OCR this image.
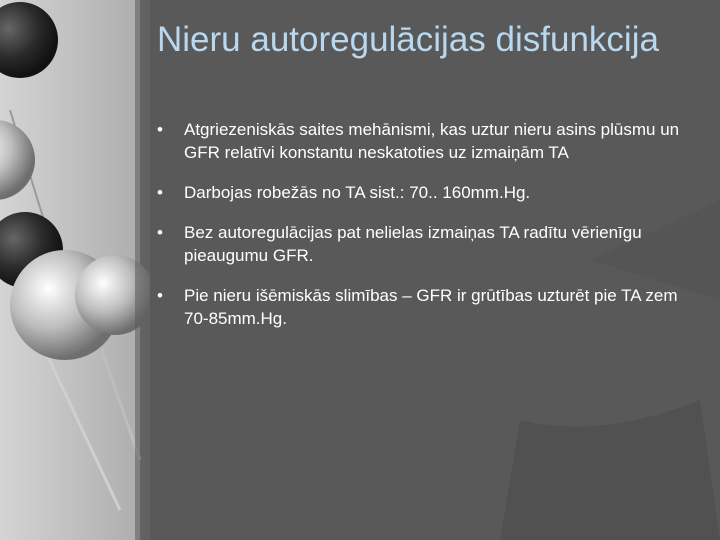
Nieru autoregulācijas disfunkcija
•	Atgriezeniskās saites mehānismi, kas uztur nieru asins plūsmu un GFR relatīvi konstantu neskatoties uz izmaiņām TA
•	Darbojas robežās no TA sist.: 70.. 160mm.Hg.
•	Bez autoregulācijas pat nelielas izmaiņas TA radītu vērienīgu pieaugumu GFR.
•	Pie nieru išēmiskās slimības – GFR ir grūtības uzturēt pie TA zem 70-85mm.Hg.
